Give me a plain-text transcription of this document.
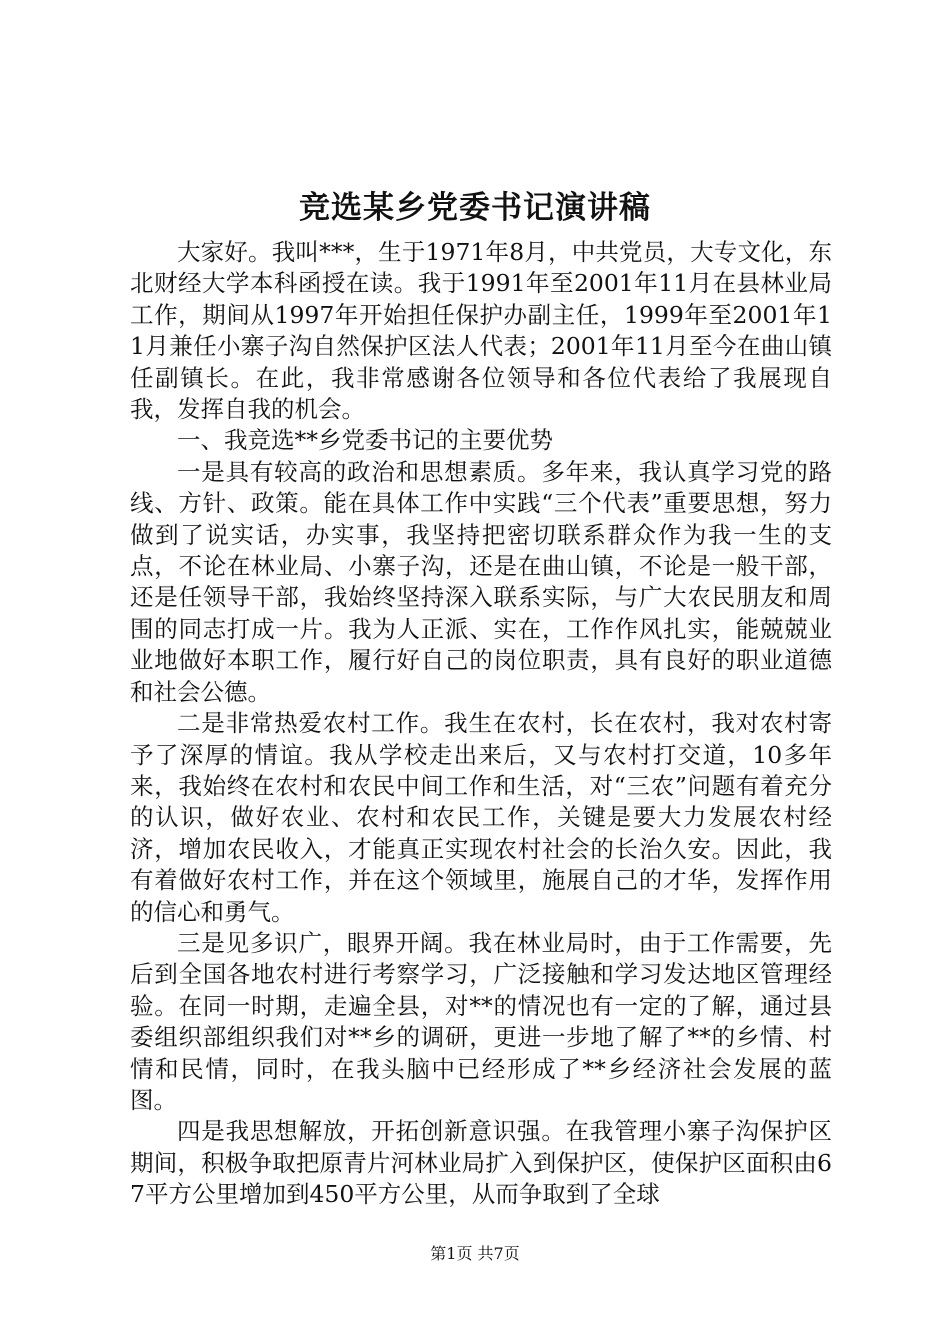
竞选某乡党委书记演讲稿

大家好。我叫***，生于1971年8月，中共党员，大专文化，东北财经大学本科函授在读。我于1991年至2001年11月在县林业局工作，期间从1997年开始担任保护办副主任，1999年至2001年11月兼任小寨子沟自然保护区法人代表；2001年11月至今在曲山镇任副镇长。在此，我非常感谢各位领导和各位代表给了我展现自我，发挥自我的机会。

一、我竞选**乡党委书记的主要优势

一是具有较高的政治和思想素质。多年来，我认真学习党的路线、方针、政策。能在具体工作中实践“三个代表”重要思想，努力做到了说实话，办实事，我坚持把密切联系群众作为我一生的支点，不论在林业局、小寨子沟，还是在曲山镇，不论是一般干部，还是任领导干部，我始终坚持深入联系实际，与广大农民朋友和周围的同志打成一片。我为人正派、实在，工作作风扎实，能兢兢业业地做好本职工作，履行好自己的岗位职责，具有良好的职业道德和社会公德。

二是非常热爱农村工作。我生在农村，长在农村，我对农村寄予了深厚的情谊。我从学校走出来后，又与农村打交道，10多年来，我始终在农村和农民中间工作和生活，对“三农”问题有着充分的认识，做好农业、农村和农民工作，关键是要大力发展农村经济，增加农民收入，才能真正实现农村社会的长治久安。因此，我有着做好农村工作，并在这个领域里，施展自己的才华，发挥作用的信心和勇气。

三是见多识广，眼界开阔。我在林业局时，由于工作需要，先后到全国各地农村进行考察学习，广泛接触和学习发达地区管理经验。在同一时期，走遍全县，对**的情况也有一定的了解，通过县委组织部组织我们对**乡的调研，更进一步地了解了**的乡情、村情和民情，同时，在我头脑中已经形成了**乡经济社会发展的蓝图。

四是我思想解放，开拓创新意识强。在我管理小寨子沟保护区期间，积极争取把原青片河林业局扩入到保护区，使保护区面积由67平方公里增加到450平方公里，从而争取到了全球

第1页 共7页
